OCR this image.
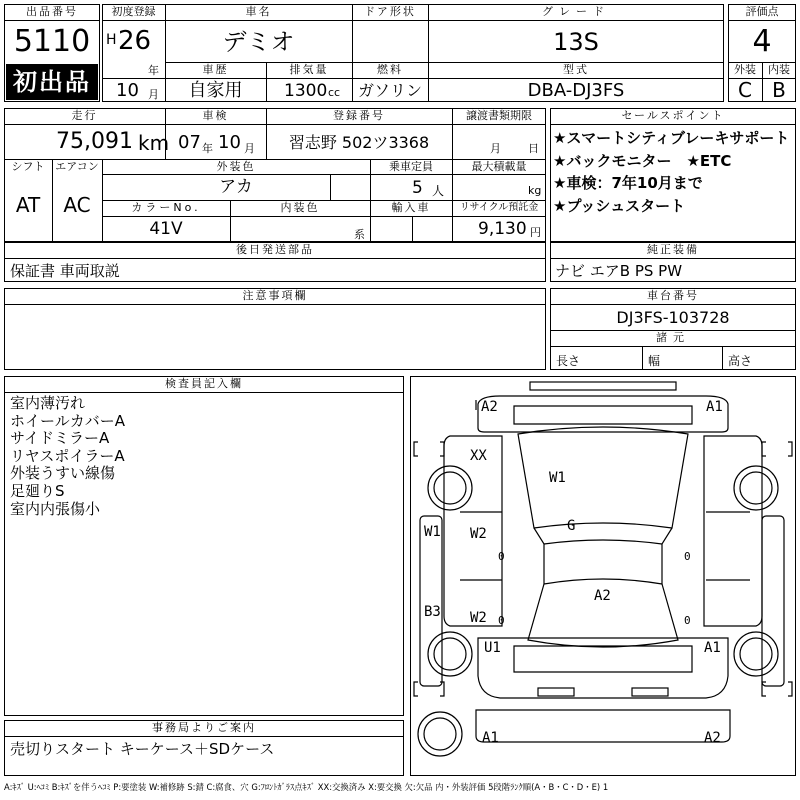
出品番号
5110
初出品
初度登録
H 26
年
車名
デミオ
ドア形状	グレード
13S
10 月
車歴
自家用
排気量
1300 cc
燃料
ガソリン
型式
DBA-DJ3FS
評価点
4
外装	内装
C	B
走行
75,091 km
車検
07 年 10 月
登録番号
習志野 502ツ3368
譲渡書類期限
月 日
シフト
AT
エアコン
AC
外装色
アカ
乗車定員
5 人
最大積載量
kg
カラーNo.
41V
内装色
系
輸入車	リサイクル預託金
9,130 円
セールスポイント
★スマートシティブレーキサポート
★バックモニター　★ETC
★車検：7年10月まで
★プッシュスタート
後日発送部品
保証書 車両取説
純正装備
ナビ エアB PS PW
注意事項欄	車台番号
DJ3FS-103728
諸元
長さ	幅	高さ
検査員記入欄
室内薄汚れ
ホイールカバーA
サイドミラーA
リヤスポイラーA
外装うすい線傷
足廻りS
室内内張傷小
事務局よりご案内
売切りスタート キーケース＋SDケース
A2	A1
XX
W1
G
W1 W2
0	0
A2
B3 W2 0	0
U1	A1
A1	A2
A:ｷｽﾞ U:ﾍｺﾐ B:ｷｽﾞを伴うﾍｺﾐ P:要塗装 W:補修跡 S:錆 C:腐食、穴 G:ﾌﾛﾝﾄｶﾞﾗｽ点ｷｽﾞ XX:交換済み X:要交換 欠:欠品 内・外装評価 5段階ﾗﾝｸ順(A・B・C・D・E) 1
